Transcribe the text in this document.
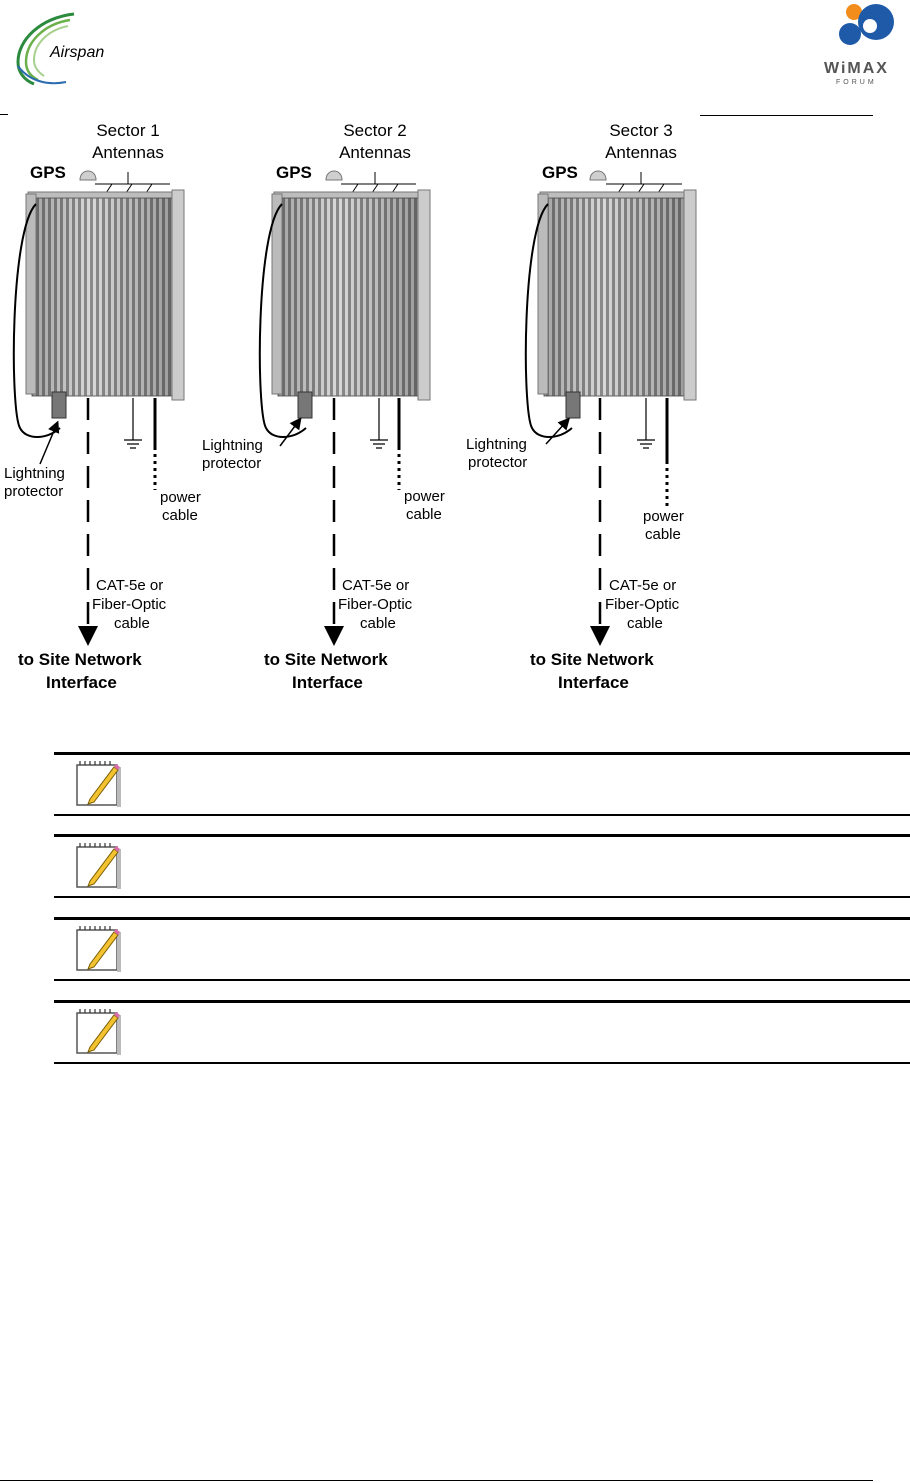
Airspan
WiMAX
FORUM
Sector 1
Antennas
GPS
Lightning
protector	power
cable
CAT-5e or
Fiber-Optic
cable
to Site Network
Interface
Sector 2
Antennas
GPS
Lightning
protector
power
cable
CAT-5e or
Fiber-Optic
cable
to Site Network
Interface
Sector 3
Antennas
GPS
Lightning
protector
power
cable
CAT-5e or
Fiber-Optic
cable
to Site Network
Interface
